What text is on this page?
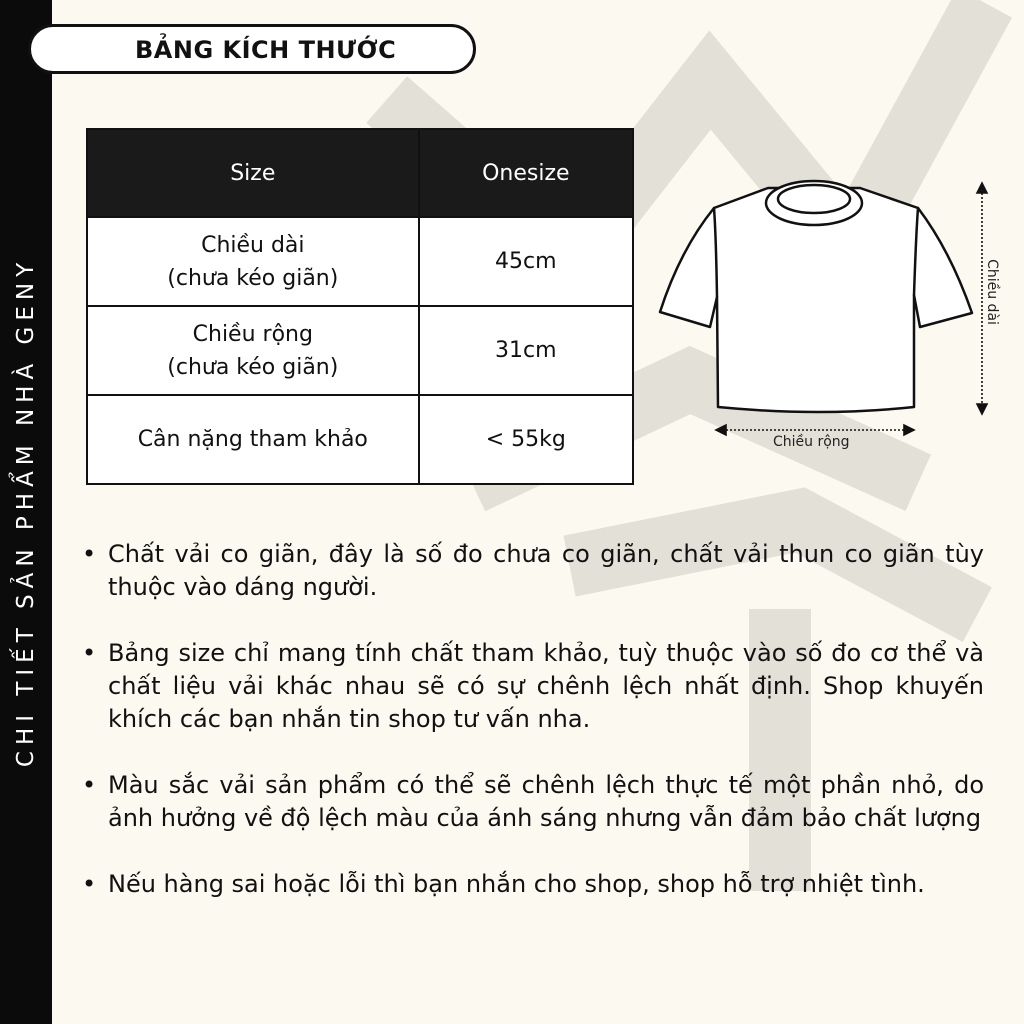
CHI TIẾT SẢN PHẨM NHÀ GENY
BẢNG KÍCH THƯỚC
Size	Onesize
Chiều dài
(chưa kéo giãn)	45cm
Chiều rộng
(chưa kéo giãn)	31cm
Cân nặng tham khảo	< 55kg
Chiều dài
Chiều rộng
• Chất vải co giãn, đây là số đo chưa co giãn, chất vải thun co giãn tùy thuộc vào dáng người.
• Bảng size chỉ mang tính chất tham khảo, tuỳ thuộc vào số đo cơ thể và chất liệu vải khác nhau sẽ có sự chênh lệch nhất định. Shop khuyến khích các bạn nhắn tin shop tư vấn nha.
• Màu sắc vải sản phẩm có thể sẽ chênh lệch thực tế một phần nhỏ, do ảnh hưởng về độ lệch màu của ánh sáng nhưng vẫn đảm bảo chất lượng
• Nếu hàng sai hoặc lỗi thì bạn nhắn cho shop, shop hỗ trợ nhiệt tình.
